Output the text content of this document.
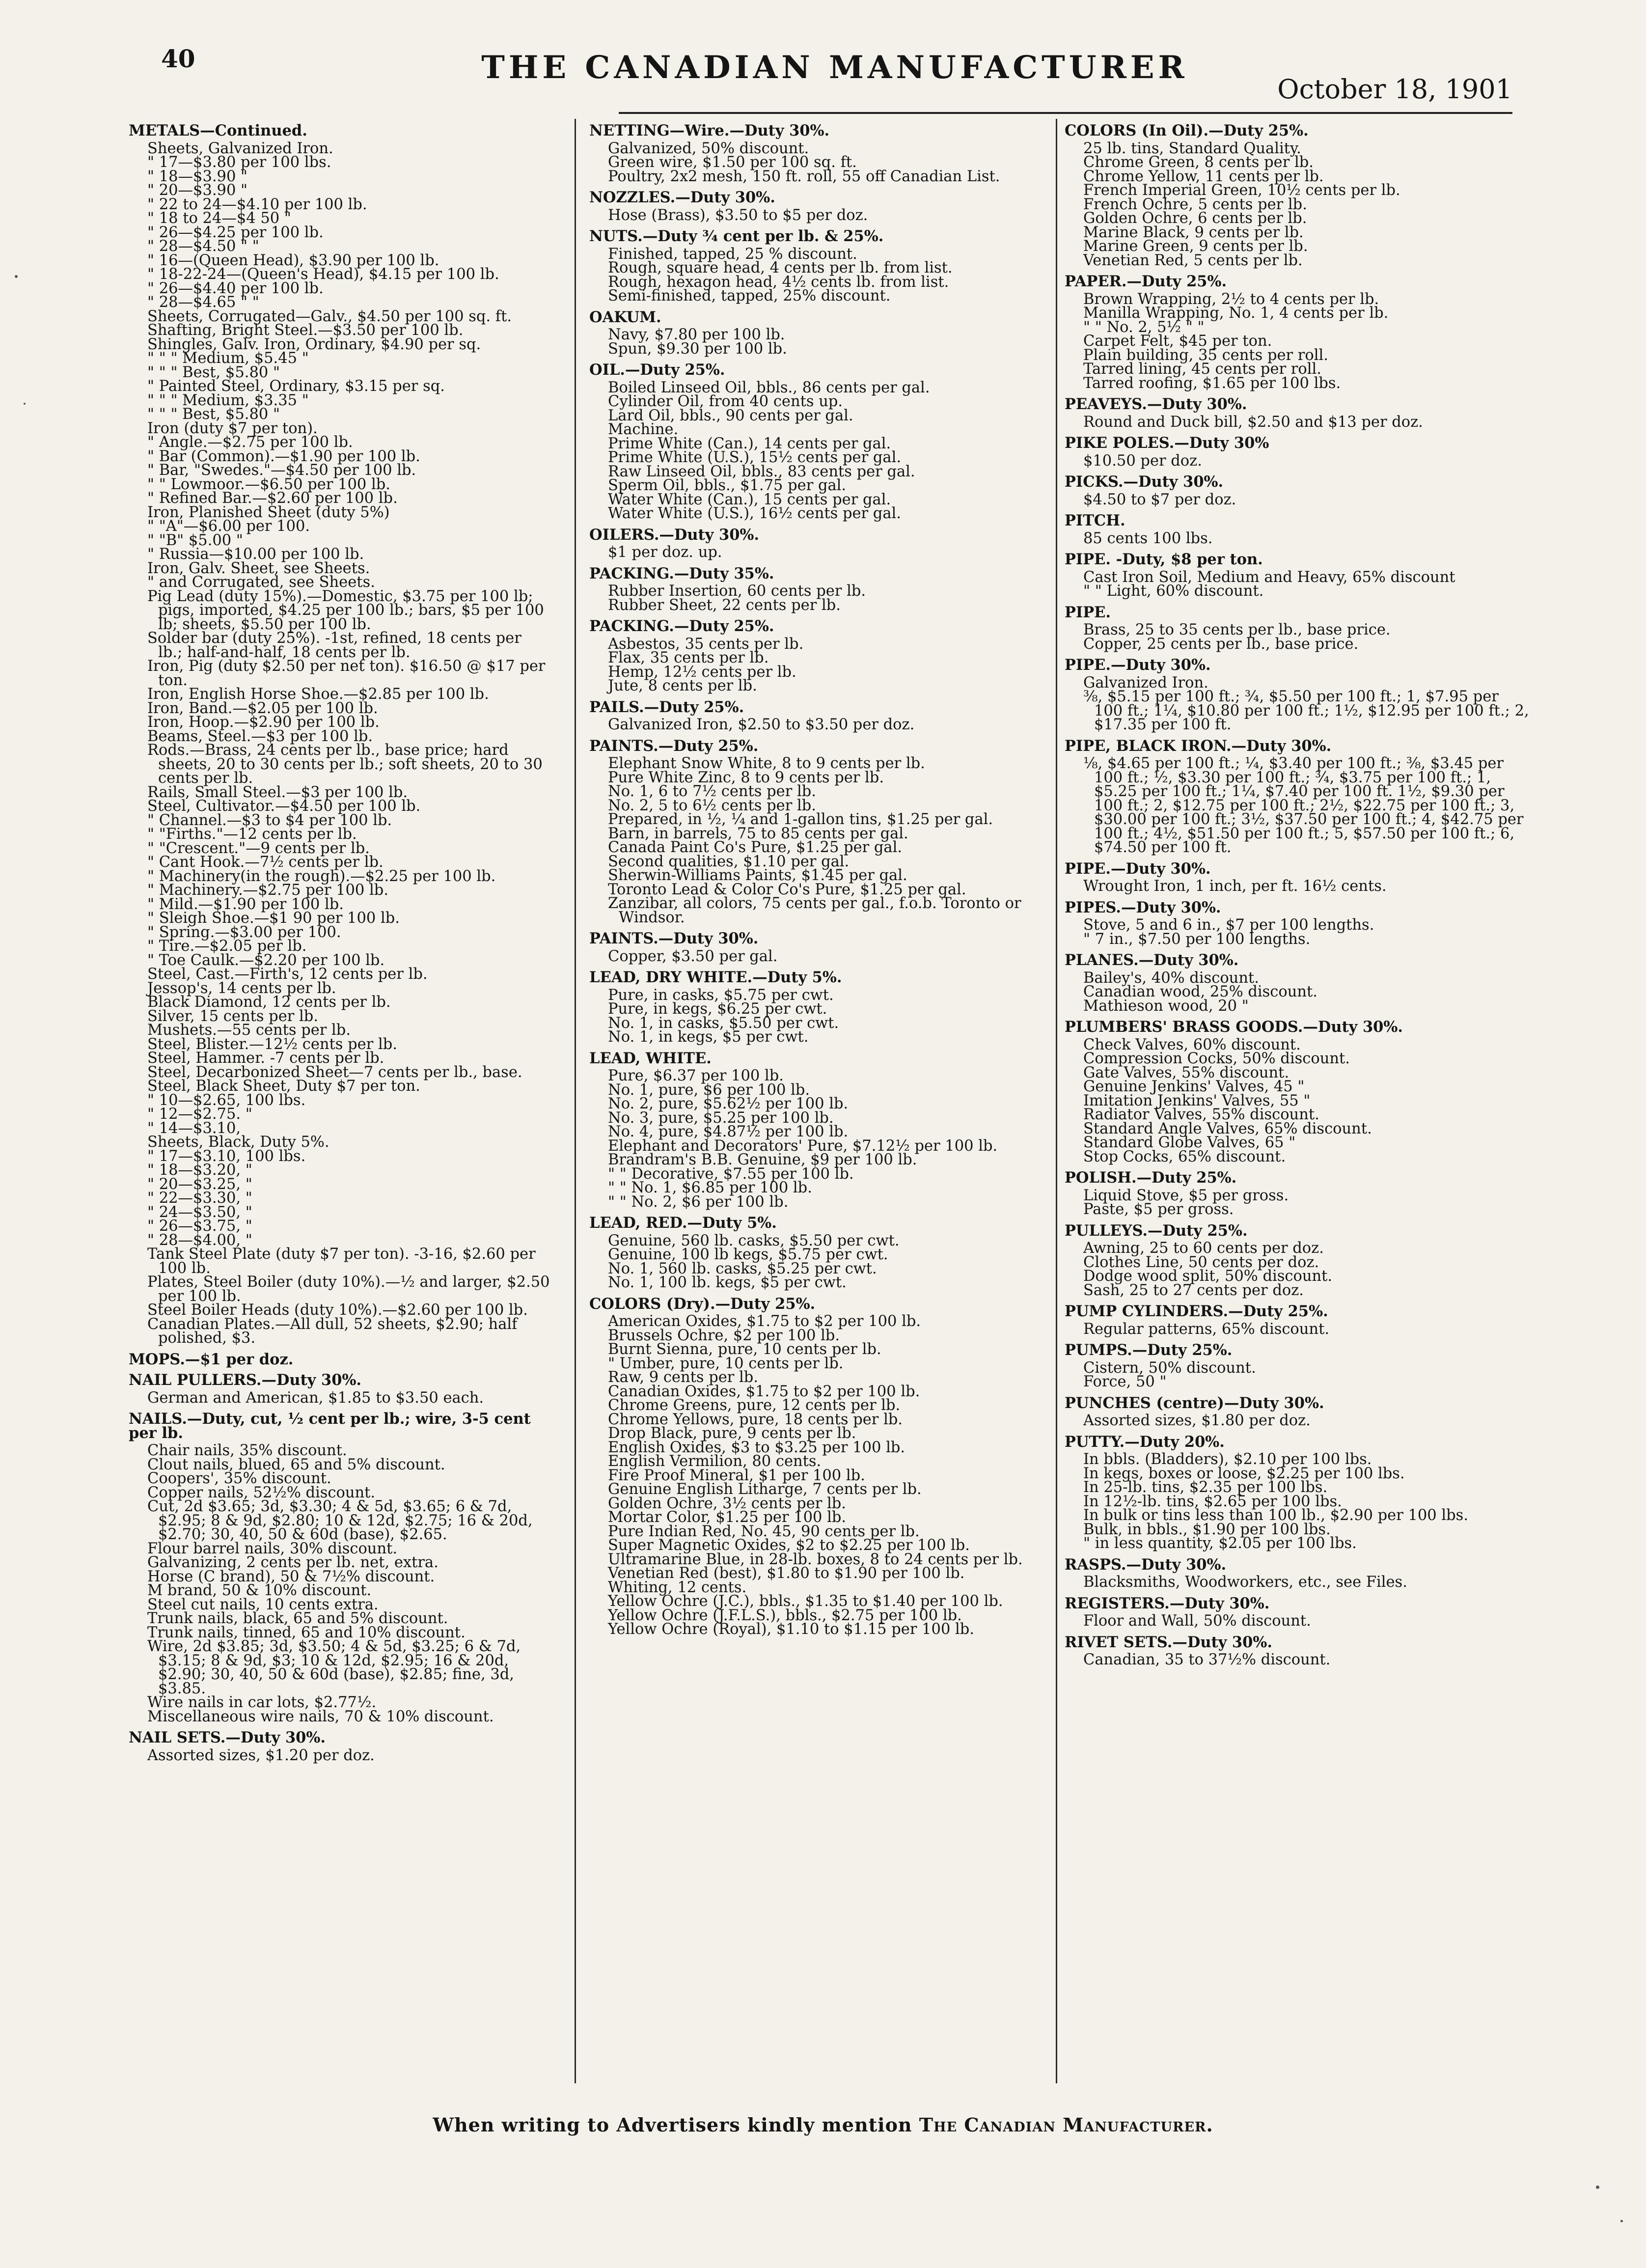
40	THE CANADIAN MANUFACTURER
October 18, 1901
METALS—Continued.
Sheets, Galvanized Iron.
" 17—$3.80 per 100 lbs.
" 18—$3.90 "
" 20—$3.90 "
" 22 to 24—$4.10 per 100 lb.
" 18 to 24—$4 50 "
" 26—$4.25 per 100 lb.
" 28—$4.50 " "
" 16—(Queen Head), $3.90 per 100 lb.
" 18-22-24—(Queen's Head), $4.15 per 100 lb.
" 26—$4.40 per 100 lb.
" 28—$4.65 " "
Sheets, Corrugated—Galv., $4.50 per 100 sq. ft.
Shafting, Bright Steel.—$3.50 per 100 lb.
Shingles, Galv. Iron, Ordinary, $4.90 per sq.
" " " Medium, $5.45 "
" " " Best, $5.80 "
" Painted Steel, Ordinary, $3.15 per sq.
" " " Medium, $3.35 "
" " " Best, $5.80 "
Iron (duty $7 per ton).
" Angle.—$2.75 per 100 lb.
" Bar (Common).—$1.90 per 100 lb.
" Bar, "Swedes."—$4.50 per 100 lb.
" " Lowmoor.—$6.50 per 100 lb.
" Refined Bar.—$2.60 per 100 lb.
Iron, Planished Sheet (duty 5%)
" "A"—$6.00 per 100.
" "B" $5.00 "
" Russia—$10.00 per 100 lb.
Iron, Galv. Sheet, see Sheets.
" and Corrugated, see Sheets.
Pig Lead (duty 15%).—Domestic, $3.75 per 100 lb; pigs, imported, $4.25 per 100 lb.; bars, $5 per 100 lb; sheets, $5.50 per 100 lb.
Solder bar (duty 25%). -1st, refined, 18 cents per lb.; half-and-half, 18 cents per lb.
Iron, Pig (duty $2.50 per net ton). $16.50 @ $17 per ton.
Iron, English Horse Shoe.—$2.85 per 100 lb.
Iron, Band.—$2.05 per 100 lb.
Iron, Hoop.—$2.90 per 100 lb.
Beams, Steel.—$3 per 100 lb.
Rods.—Brass, 24 cents per lb., base price; hard sheets, 20 to 30 cents per lb.; soft sheets, 20 to 30 cents per lb.
Rails, Small Steel.—$3 per 100 lb.
Steel, Cultivator.—$4.50 per 100 lb.
" Channel.—$3 to $4 per 100 lb.
" "Firths."—12 cents per lb.
" "Crescent."—9 cents per lb.
" Cant Hook.—7½ cents per lb.
" Machinery(in the rough).—$2.25 per 100 lb.
" Machinery.—$2.75 per 100 lb.
" Mild.—$1.90 per 100 lb.
" Sleigh Shoe.—$1 90 per 100 lb.
" Spring.—$3.00 per 100.
" Tire.—$2.05 per lb.
" Toe Caulk.—$2.20 per 100 lb.
Steel, Cast.—Firth's, 12 cents per lb.
Jessop's, 14 cents per lb.
Black Diamond, 12 cents per lb.
Silver, 15 cents per lb.
Mushets.—55 cents per lb.
Steel, Blister.—12½ cents per lb.
Steel, Hammer. -7 cents per lb.
Steel, Decarbonized Sheet—7 cents per lb., base.
Steel, Black Sheet, Duty $7 per ton.
" 10—$2.65, 100 lbs.
" 12—$2.75. "
" 14—$3.10,
Sheets, Black, Duty 5%.
" 17—$3.10, 100 lbs.
" 18—$3.20, "
" 20—$3.25, "
" 22—$3.30, "
" 24—$3.50, "
" 26—$3.75, "
" 28—$4.00, "
Tank Steel Plate (duty $7 per ton). -3-16, $2.60 per 100 lb.
Plates, Steel Boiler (duty 10%).—½ and larger, $2.50 per 100 lb.
Steel Boiler Heads (duty 10%).—$2.60 per 100 lb.
Canadian Plates.—All dull, 52 sheets, $2.90; half polished, $3.
MOPS.—$1 per doz.
NAIL PULLERS.—Duty 30%.
German and American, $1.85 to $3.50 each.
NAILS.—Duty, cut, ½ cent per lb.; wire, 3-5 cent per lb.
Chair nails, 35% discount.
Clout nails, blued, 65 and 5% discount.
Coopers', 35% discount.
Copper nails, 52½% discount.
Cut, 2d $3.65; 3d, $3.30; 4 & 5d, $3.65; 6 & 7d, $2.95; 8 & 9d, $2.80; 10 & 12d, $2.75; 16 & 20d, $2.70; 30, 40, 50 & 60d (base), $2.65.
Flour barrel nails, 30% discount.
Galvanizing, 2 cents per lb. net, extra.
Horse (C brand), 50 & 7½% discount.
M brand, 50 & 10% discount.
Steel cut nails, 10 cents extra.
Trunk nails, black, 65 and 5% discount.
Trunk nails, tinned, 65 and 10% discount.
Wire, 2d $3.85; 3d, $3.50; 4 & 5d, $3.25; 6 & 7d, $3.15; 8 & 9d, $3; 10 & 12d, $2.95; 16 & 20d, $2.90; 30, 40, 50 & 60d (base), $2.85; fine, 3d, $3.85.
Wire nails in car lots, $2.77½.
Miscellaneous wire nails, 70 & 10% discount.
NAIL SETS.—Duty 30%.
Assorted sizes, $1.20 per doz.
NETTING—Wire.—Duty 30%.
Galvanized, 50% discount.
Green wire, $1.50 per 100 sq. ft.
Poultry, 2x2 mesh, 150 ft. roll, 55 off Canadian List.
NOZZLES.—Duty 30%.
Hose (Brass), $3.50 to $5 per doz.
NUTS.—Duty ¾ cent per lb. & 25%.
Finished, tapped, 25 % discount.
Rough, square head, 4 cents per lb. from list.
Rough, hexagon head, 4½ cents lb. from list.
Semi-finished, tapped, 25% discount.
OAKUM.
Navy, $7.80 per 100 lb.
Spun, $9.30 per 100 lb.
OIL.—Duty 25%.
Boiled Linseed Oil, bbls., 86 cents per gal.
Cylinder Oil, from 40 cents up.
Lard Oil, bbls., 90 cents per gal.
Machine.
Prime White (Can.), 14 cents per gal.
Prime White (U.S.), 15½ cents per gal.
Raw Linseed Oil, bbls., 83 cents per gal.
Sperm Oil, bbls., $1.75 per gal.
Water White (Can.), 15 cents per gal.
Water White (U.S.), 16½ cents per gal.
OILERS.—Duty 30%.
$1 per doz. up.
PACKING.—Duty 35%.
Rubber Insertion, 60 cents per lb.
Rubber Sheet, 22 cents per lb.
PACKING.—Duty 25%.
Asbestos, 35 cents per lb.
Flax, 35 cents per lb.
Hemp, 12½ cents per lb.
Jute, 8 cents per lb.
PAILS.—Duty 25%.
Galvanized Iron, $2.50 to $3.50 per doz.
PAINTS.—Duty 25%.
Elephant Snow White, 8 to 9 cents per lb.
Pure White Zinc, 8 to 9 cents per lb.
No. 1, 6 to 7½ cents per lb.
No. 2, 5 to 6½ cents per lb.
Prepared, in ½, ¼ and 1-gallon tins, $1.25 per gal.
Barn, in barrels, 75 to 85 cents per gal.
Canada Paint Co's Pure, $1.25 per gal.
Second qualities, $1.10 per gal.
Sherwin-Williams Paints, $1.45 per gal.
Toronto Lead & Color Co's Pure, $1.25 per gal.
Zanzibar, all colors, 75 cents per gal., f.o.b. Toronto or Windsor.
PAINTS.—Duty 30%.
Copper, $3.50 per gal.
LEAD, DRY WHITE.—Duty 5%.
Pure, in casks, $5.75 per cwt.
Pure, in kegs, $6.25 per cwt.
No. 1, in casks, $5.50 per cwt.
No. 1, in kegs, $5 per cwt.
LEAD, WHITE.
Pure, $6.37 per 100 lb.
No. 1, pure, $6 per 100 lb.
No. 2, pure, $5.62½ per 100 lb.
No. 3, pure, $5.25 per 100 lb.
No. 4, pure, $4.87½ per 100 lb.
Elephant and Decorators' Pure, $7.12½ per 100 lb.
Brandram's B.B. Genuine, $9 per 100 lb.
" " Decorative, $7.55 per 100 lb.
" " No. 1, $6.85 per 100 lb.
" " No. 2, $6 per 100 lb.
LEAD, RED.—Duty 5%.
Genuine, 560 lb. casks, $5.50 per cwt.
Genuine, 100 lb kegs, $5.75 per cwt.
No. 1, 560 lb. casks, $5.25 per cwt.
No. 1, 100 lb. kegs, $5 per cwt.
COLORS (Dry).—Duty 25%.
American Oxides, $1.75 to $2 per 100 lb.
Brussels Ochre, $2 per 100 lb.
Burnt Sienna, pure, 10 cents per lb.
" Umber, pure, 10 cents per lb.
Raw, 9 cents per lb.
Canadian Oxides, $1.75 to $2 per 100 lb.
Chrome Greens, pure, 12 cents per lb.
Chrome Yellows, pure, 18 cents per lb.
Drop Black, pure, 9 cents per lb.
English Oxides, $3 to $3.25 per 100 lb.
English Vermilion, 80 cents.
Fire Proof Mineral, $1 per 100 lb.
Genuine English Litharge, 7 cents per lb.
Golden Ochre, 3½ cents per lb.
Mortar Color, $1.25 per 100 lb.
Pure Indian Red, No. 45, 90 cents per lb.
Super Magnetic Oxides, $2 to $2.25 per 100 lb.
Ultramarine Blue, in 28-lb. boxes, 8 to 24 cents per lb.
Venetian Red (best), $1.80 to $1.90 per 100 lb.
Whiting, 12 cents.
Yellow Ochre (J.C.), bbls., $1.35 to $1.40 per 100 lb.
Yellow Ochre (J.F.L.S.), bbls., $2.75 per 100 lb.
Yellow Ochre (Royal), $1.10 to $1.15 per 100 lb.
COLORS (In Oil).—Duty 25%.
25 lb. tins, Standard Quality.
Chrome Green, 8 cents per lb.
Chrome Yellow, 11 cents per lb.
French Imperial Green, 10½ cents per lb.
French Ochre, 5 cents per lb.
Golden Ochre, 6 cents per lb.
Marine Black, 9 cents per lb.
Marine Green, 9 cents per lb.
Venetian Red, 5 cents per lb.
PAPER.—Duty 25%.
Brown Wrapping, 2½ to 4 cents per lb.
Manilla Wrapping, No. 1, 4 cents per lb.
" " No. 2, 5½ " "
Carpet Felt, $45 per ton.
Plain building, 35 cents per roll.
Tarred lining, 45 cents per roll.
Tarred roofing, $1.65 per 100 lbs.
PEAVEYS.—Duty 30%.
Round and Duck bill, $2.50 and $13 per doz.
PIKE POLES.—Duty 30%
$10.50 per doz.
PICKS.—Duty 30%.
$4.50 to $7 per doz.
PITCH.
85 cents 100 lbs.
PIPE. -Duty, $8 per ton.
Cast Iron Soil, Medium and Heavy, 65% discount
" " Light, 60% discount.
PIPE.
Brass, 25 to 35 cents per lb., base price.
Copper, 25 cents per lb., base price.
PIPE.—Duty 30%.
Galvanized Iron.
⅜, $5.15 per 100 ft.; ¾, $5.50 per 100 ft.; 1, $7.95 per 100 ft.; 1¼, $10.80 per 100 ft.; 1½, $12.95 per 100 ft.; 2, $17.35 per 100 ft.
PIPE, BLACK IRON.—Duty 30%.
⅛, $4.65 per 100 ft.; ¼, $3.40 per 100 ft.; ⅜, $3.45 per 100 ft.; ½, $3.30 per 100 ft.; ¾, $3.75 per 100 ft.; 1, $5.25 per 100 ft.; 1¼, $7.40 per 100 ft. 1½, $9.30 per 100 ft.; 2, $12.75 per 100 ft.; 2½, $22.75 per 100 ft.; 3, $30.00 per 100 ft.; 3½, $37.50 per 100 ft.; 4, $42.75 per 100 ft.; 4½, $51.50 per 100 ft.; 5, $57.50 per 100 ft.; 6, $74.50 per 100 ft.
PIPE.—Duty 30%.
Wrought Iron, 1 inch, per ft. 16½ cents.
PIPES.—Duty 30%.
Stove, 5 and 6 in., $7 per 100 lengths.
" 7 in., $7.50 per 100 lengths.
PLANES.—Duty 30%.
Bailey's, 40% discount.
Canadian wood, 25% discount.
Mathieson wood, 20 "
PLUMBERS' BRASS GOODS.—Duty 30%.
Check Valves, 60% discount.
Compression Cocks, 50% discount.
Gate Valves, 55% discount.
Genuine Jenkins' Valves, 45 "
Imitation Jenkins' Valves, 55 "
Radiator Valves, 55% discount.
Standard Angle Valves, 65% discount.
Standard Globe Valves, 65 "
Stop Cocks, 65% discount.
POLISH.—Duty 25%.
Liquid Stove, $5 per gross.
Paste, $5 per gross.
PULLEYS.—Duty 25%.
Awning, 25 to 60 cents per doz.
Clothes Line, 50 cents per doz.
Dodge wood split, 50% discount.
Sash, 25 to 27 cents per doz.
PUMP CYLINDERS.—Duty 25%.
Regular patterns, 65% discount.
PUMPS.—Duty 25%.
Cistern, 50% discount.
Force, 50 "
PUNCHES (centre)—Duty 30%.
Assorted sizes, $1.80 per doz.
PUTTY.—Duty 20%.
In bbls. (Bladders), $2.10 per 100 lbs.
In kegs, boxes or loose, $2.25 per 100 lbs.
In 25-lb. tins, $2.35 per 100 lbs.
In 12½-lb. tins, $2.65 per 100 lbs.
In bulk or tins less than 100 lb., $2.90 per 100 lbs.
Bulk, in bbls., $1.90 per 100 lbs.
" in less quantity, $2.05 per 100 lbs.
RASPS.—Duty 30%.
Blacksmiths, Woodworkers, etc., see Files.
REGISTERS.—Duty 30%.
Floor and Wall, 50% discount.
RIVET SETS.—Duty 30%.
Canadian, 35 to 37½% discount.
When writing to Advertisers kindly mention The Canadian Manufacturer.
